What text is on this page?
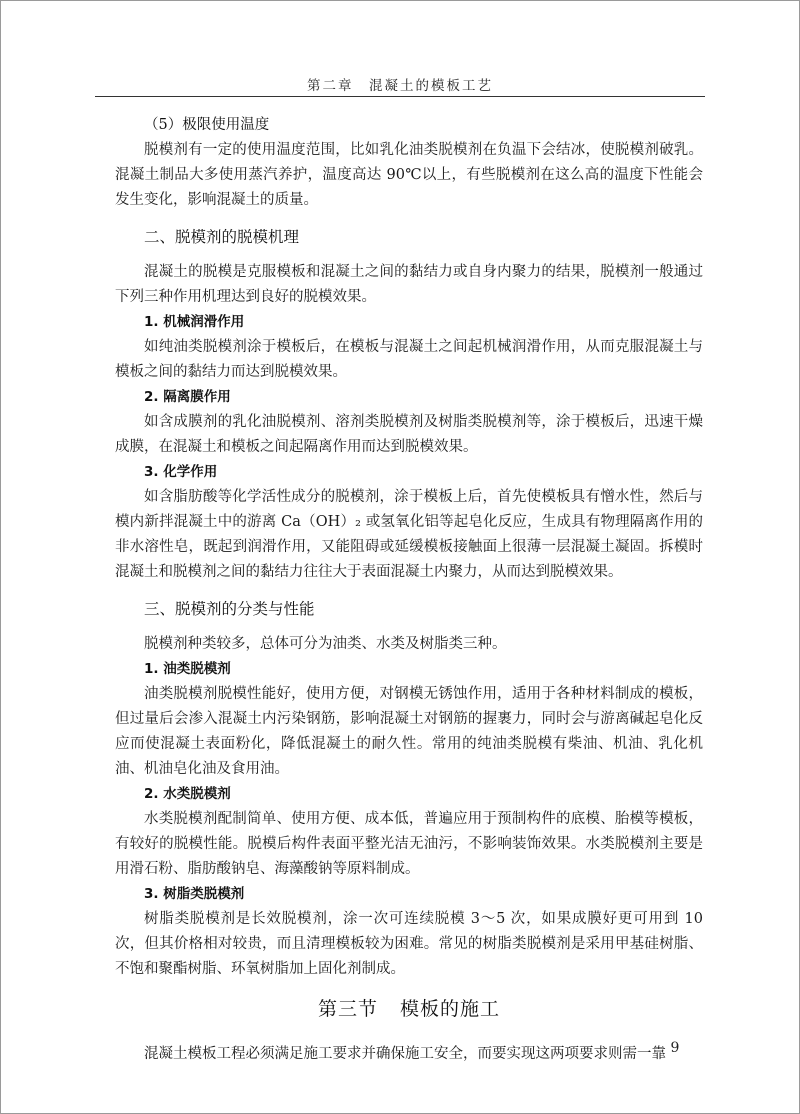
第二章　混凝土的模板工艺

（5）极限使用温度

脱模剂有一定的使用温度范围，比如乳化油类脱模剂在负温下会结冰，使脱模剂破乳。混凝土制品大多使用蒸汽养护，温度高达 90℃以上，有些脱模剂在这么高的温度下性能会发生变化，影响混凝土的质量。

二、脱模剂的脱模机理

混凝土的脱模是克服模板和混凝土之间的黏结力或自身内聚力的结果，脱模剂一般通过下列三种作用机理达到良好的脱模效果。

1. 机械润滑作用

如纯油类脱模剂涂于模板后，在模板与混凝土之间起机械润滑作用，从而克服混凝土与模板之间的黏结力而达到脱模效果。

2. 隔离膜作用

如含成膜剂的乳化油脱模剂、溶剂类脱模剂及树脂类脱模剂等，涂于模板后，迅速干燥成膜，在混凝土和模板之间起隔离作用而达到脱模效果。

3. 化学作用

如含脂肪酸等化学活性成分的脱模剂，涂于模板上后，首先使模板具有憎水性，然后与模内新拌混凝土中的游离 Ca（OH）₂ 或氢氧化铝等起皂化反应，生成具有物理隔离作用的非水溶性皂，既起到润滑作用，又能阻碍或延缓模板接触面上很薄一层混凝土凝固。拆模时混凝土和脱模剂之间的黏结力往往大于表面混凝土内聚力，从而达到脱模效果。

三、脱模剂的分类与性能

脱模剂种类较多，总体可分为油类、水类及树脂类三种。

1. 油类脱模剂

油类脱模剂脱模性能好，使用方便，对钢模无锈蚀作用，适用于各种材料制成的模板，但过量后会渗入混凝土内污染钢筋，影响混凝土对钢筋的握裹力，同时会与游离碱起皂化反应而使混凝土表面粉化，降低混凝土的耐久性。常用的纯油类脱模有柴油、机油、乳化机油、机油皂化油及食用油。

2. 水类脱模剂

水类脱模剂配制简单、使用方便、成本低，普遍应用于预制构件的底模、胎模等模板，有较好的脱模性能。脱模后构件表面平整光洁无油污，不影响装饰效果。水类脱模剂主要是用滑石粉、脂肪酸钠皂、海藻酸钠等原料制成。

3. 树脂类脱模剂

树脂类脱模剂是长效脱模剂，涂一次可连续脱模 3～5 次，如果成膜好更可用到 10 次，但其价格相对较贵，而且清理模板较为困难。常见的树脂类脱模剂是采用甲基硅树脂、不饱和聚酯树脂、环氧树脂加上固化剂制成。

第三节 模板的施工

混凝土模板工程必须满足施工要求并确保施工安全，而要实现这两项要求则需一靠 9
